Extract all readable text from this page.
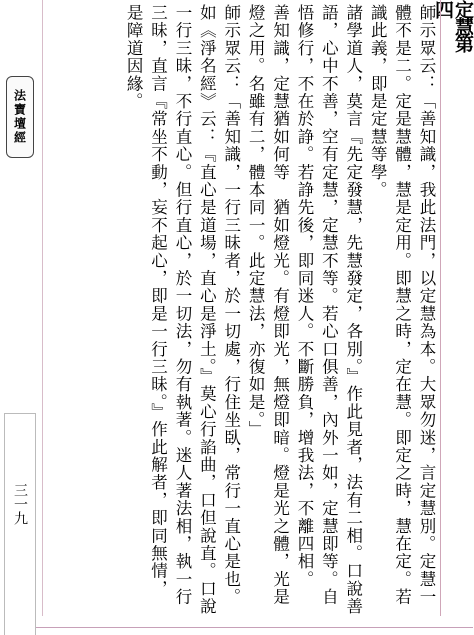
定慧第四

師示眾云：「善知識，我此法門，以定慧為本。大眾勿迷，言定慧別。定慧一體不是二。定是慧體，慧是定用。即慧之時，定在慧。即定之時，慧在定。若識此義，即是定慧等學。

諸學道人，莫言『先定發慧，先慧發定，各別。』作此見者，法有二相。口說善語，心中不善，空有定慧，定慧不等。若心口俱善，內外一如，定慧即等。自悟修行，不在於諍。若諍先後，即同迷人。不斷勝負，增我法，不離四相。

善知識，定慧猶如何等　猶如燈光。有燈即光，無燈即暗。燈是光之體，光是燈之用。名雖有二，體本同一。此定慧法，亦復如是。」

師示眾云：「善知識，一行三昧者，於一切處，行住坐臥，常行一直心是也。如《淨名經》云：『直心是道場，直心是淨土。』莫心行諂曲，口但說直。口說一行三昧，不行直心。但行直心，於一切法，勿有執著。迷人著法相，執一行三昧，直言『常坐不動，妄不起心，即是一行三昧。』作此解者，即同無情，　是障道因緣。

法寶壇經
三一九
